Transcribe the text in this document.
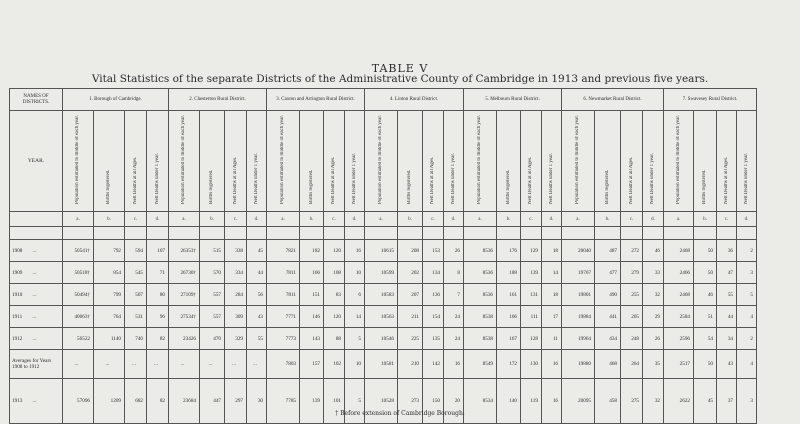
TABLE V
Vital Statistics of the separate Districts of the Administrative County of Cambridge in 1913 and previous five years.
NAMES OF DISTRICTS.	1. Borough of Cambridge.				2. Chesterton Rural District.				3. Caxton and Arrington Rural District.				4. Linton Rural District.				5. Melbourn Rural District.				6. Newmarket Rural District.				7. Swavesey Rural District.			
YEAR.	Population estimated to middle of each year.	Births registered.	Nett Deaths at all Ages.	Nett Deaths under 1 year.	Population estimated to middle of each year.	Births registered.	Nett Deaths at all Ages.	Nett Deaths under 1 year.	Population estimated to middle of each year.	Births registered.	Nett Deaths at all Ages.	Nett Deaths under 1 year.	Population estimated to middle of each year.	Births registered.	Nett Deaths at all Ages.	Nett Deaths under 1 year.	Population estimated to middle of each year.	Births registered.	Nett Deaths at all Ages.	Nett Deaths under 1 year.	Population estimated to middle of each year.	Births registered.	Nett Deaths at all Ages.	Nett Deaths under 1 year.	Population estimated to middle of each year.	Births registered.	Nett Deaths at all Ages.	Nett Deaths under 1 year.

	a.	b.	c.	d.	a.	b.	c.	d.	a.	b.	c.	d.	a.	b.	c.	d.	a.	b.	c.	d.	a.	b.	c.	d.	a.	b.	c.	d.

1908 ...	50541†	792	594	107	26353†	515	338	45	7821	182	120	16	10615	208	153	26	8536	176	129	18	20040	487	272	46	2468	50	36	2
1909 ...	50518†	854	545	71	26730†	570	334	44	7811	166	108	10	10599	202	134	8	8536	188	139	14	19767	477	279	33	2466	50	47	3
1910 ...	50494†	799	507	80	27109†	557	284	56	7811	151	83	6	10583	207	136	7	8536	161	131	18	19801	490	255	32	2468	46	55	5
1911 ...	40063†	764	531	96	27534†	557	309	43	7771	146	120	14	10563	211	154	24	8538	166	111	17	19884	441	265	29	2584	51	44	4
1912 ...	56522	1140	740	82	23426	470	329	55	7773	143	88	5	10546	225	135	24	8538	167	128	11	19964	434	248	26	2596	54	34	2
Averages for Years 1908 to 1912	...	...	...	...	...	...	...	...	7803	157	102	10	10581	210	142	16	8549	172	130	16	19880	468	264	35	2517	50	43	4
1913 ...	57096	1209	682	82	23684	447	297	30	7785	139	101	5	10528	273	150	20	8534	140	119	16	20095	458	275	32	2622	45	37	3
† Before extension of Cambridge Borough.
